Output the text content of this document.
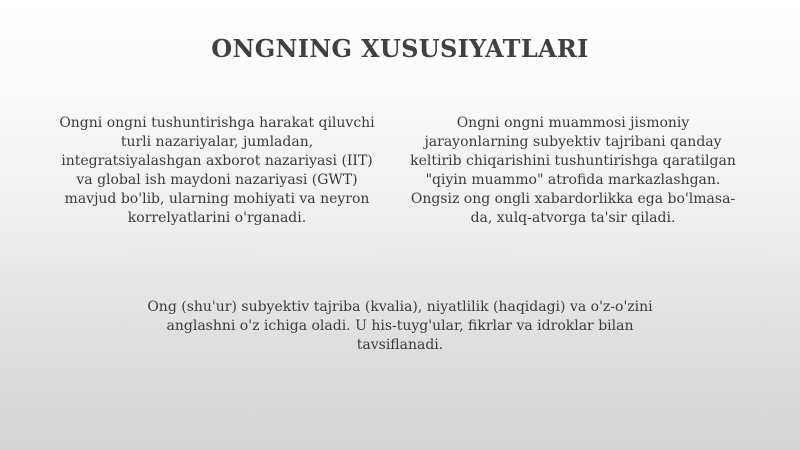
ONGNING XUSUSIYATLARI

Ongni ongni tushuntirishga harakat qiluvchi turli nazariyalar, jumladan, integratsiyalashgan axborot nazariyasi (IIT) va global ish maydoni nazariyasi (GWT) mavjud bo'lib, ularning mohiyati va neyron korrelyatlarini o'rganadi.

Ongni ongni muammosi jismoniy jarayonlarning subyektiv tajribani qanday keltirib chiqarishini tushuntirishga qaratilgan "qiyin muammo" atrofida markazlashgan. Ongsiz ong ongli xabardorlikka ega bo'lmasa-da, xulq-atvorga ta'sir qiladi.

Ong (shu'ur) subyektiv tajriba (kvalia), niyatlilik (haqidagi) va o'z-o'zini anglashni o'z ichiga oladi. U his-tuyg'ular, fikrlar va idroklar bilan tavsiflanadi.
